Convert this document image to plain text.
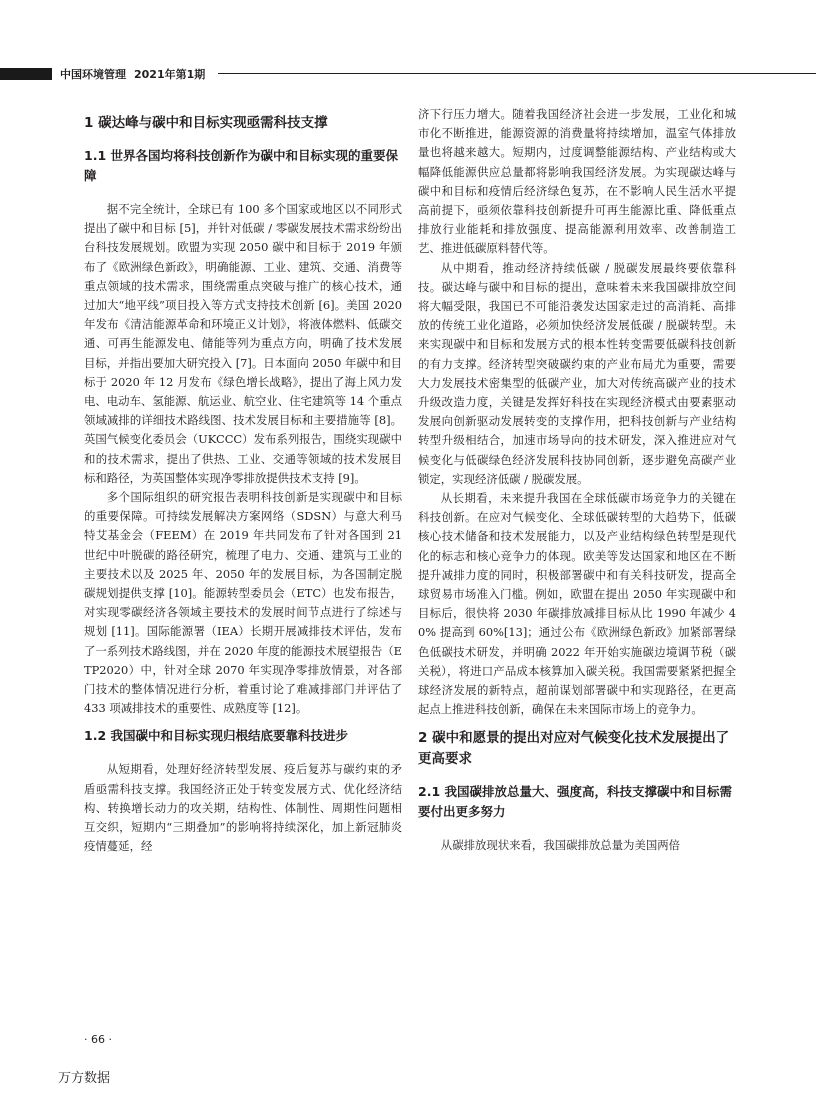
中国环境管理 2021年第1期
1 碳达峰与碳中和目标实现亟需科技支撑
1.1 世界各国均将科技创新作为碳中和目标实现的重要保障

据不完全统计，全球已有 100 多个国家或地区以不同形式提出了碳中和目标 [5]，并针对低碳 / 零碳发展技术需求纷纷出台科技发展规划。欧盟为实现 2050 碳中和目标于 2019 年颁布了《欧洲绿色新政》，明确能源、工业、建筑、交通、消费等重点领域的技术需求，围绕需重点突破与推广的核心技术，通过加大“地平线”项目投入等方式支持技术创新 [6]。美国 2020 年发布《清洁能源革命和环境正义计划》，将液体燃料、低碳交通、可再生能源发电、储能等列为重点方向，明确了技术发展目标，并指出要加大研究投入 [7]。日本面向 2050 年碳中和目标于 2020 年 12 月发布《绿色增长战略》，提出了海上风力发电、电动车、氢能源、航运业、航空业、住宅建筑等 14 个重点领域减排的详细技术路线图、技术发展目标和主要措施等 [8]。英国气候变化委员会（UKCCC）发布系列报告，围绕实现碳中和的技术需求，提出了供热、工业、交通等领域的技术发展目标和路径，为英国整体实现净零排放提供技术支持 [9]。

多个国际组织的研究报告表明科技创新是实现碳中和目标的重要保障。可持续发展解决方案网络（SDSN）与意大利马特艾基金会（FEEM）在 2019 年共同发布了针对各国到 21 世纪中叶脱碳的路径研究，梳理了电力、交通、建筑与工业的主要技术以及 2025 年、2050 年的发展目标，为各国制定脱碳规划提供支撑 [10]。能源转型委员会（ETC）也发布报告，对实现零碳经济各领域主要技术的发展时间节点进行了综述与规划 [11]。国际能源署（IEA）长期开展减排技术评估，发布了一系列技术路线图，并在 2020 年度的能源技术展望报告（ETP2020）中，针对全球 2070 年实现净零排放情景，对各部门技术的整体情况进行分析，着重讨论了难减排部门并评估了 433 项减排技术的重要性、成熟度等 [12]。

1.2 我国碳中和目标实现归根结底要靠科技进步

从短期看，处理好经济转型发展、疫后复苏与碳约束的矛盾亟需科技支撑。我国经济正处于转变发展方式、优化经济结构、转换增长动力的攻关期，结构性、体制性、周期性问题相互交织，短期内“三期叠加”的影响将持续深化，加上新冠肺炎疫情蔓延，经

济下行压力增大。随着我国经济社会进一步发展，工业化和城市化不断推进，能源资源的消费量将持续增加，温室气体排放量也将越来越大。短期内，过度调整能源结构、产业结构或大幅降低能源供应总量都将影响我国经济发展。为实现碳达峰与碳中和目标和疫情后经济绿色复苏，在不影响人民生活水平提高前提下，亟须依靠科技创新提升可再生能源比重、降低重点排放行业能耗和排放强度、提高能源利用效率、改善制造工艺、推进低碳原料替代等。

从中期看，推动经济持续低碳 / 脱碳发展最终要依靠科技。碳达峰与碳中和目标的提出，意味着未来我国碳排放空间将大幅受限，我国已不可能沿袭发达国家走过的高消耗、高排放的传统工业化道路，必须加快经济发展低碳 / 脱碳转型。未来实现碳中和目标和发展方式的根本性转变需要低碳科技创新的有力支撑。经济转型突破碳约束的产业布局尤为重要，需要大力发展技术密集型的低碳产业，加大对传统高碳产业的技术升级改造力度，关键是发挥好科技在实现经济模式由要素驱动发展向创新驱动发展转变的支撑作用，把科技创新与产业结构转型升级相结合，加速市场导向的技术研发，深入推进应对气候变化与低碳绿色经济发展科技协同创新，逐步避免高碳产业锁定，实现经济低碳 / 脱碳发展。

从长期看，未来提升我国在全球低碳市场竞争力的关键在科技创新。在应对气候变化、全球低碳转型的大趋势下，低碳核心技术储备和技术发展能力，以及产业结构绿色转型是现代化的标志和核心竞争力的体现。欧美等发达国家和地区在不断提升减排力度的同时，积极部署碳中和有关科技研发，提高全球贸易市场准入门槛。例如，欧盟在提出 2050 年实现碳中和目标后，很快将 2030 年碳排放减排目标从比 1990 年减少 40% 提高到 60%[13]；通过公布《欧洲绿色新政》加紧部署绿色低碳技术研发，并明确 2022 年开始实施碳边境调节税（碳关税），将进口产品成本核算加入碳关税。我国需要紧紧把握全球经济发展的新特点，超前谋划部署碳中和实现路径，在更高起点上推进科技创新，确保在未来国际市场上的竞争力。

2 碳中和愿景的提出对应对气候变化技术发展提出了更高要求
2.1 我国碳排放总量大、强度高，科技支撑碳中和目标需要付出更多努力

从碳排放现状来看，我国碳排放总量为美国两倍

· 66 ·
万方数据
